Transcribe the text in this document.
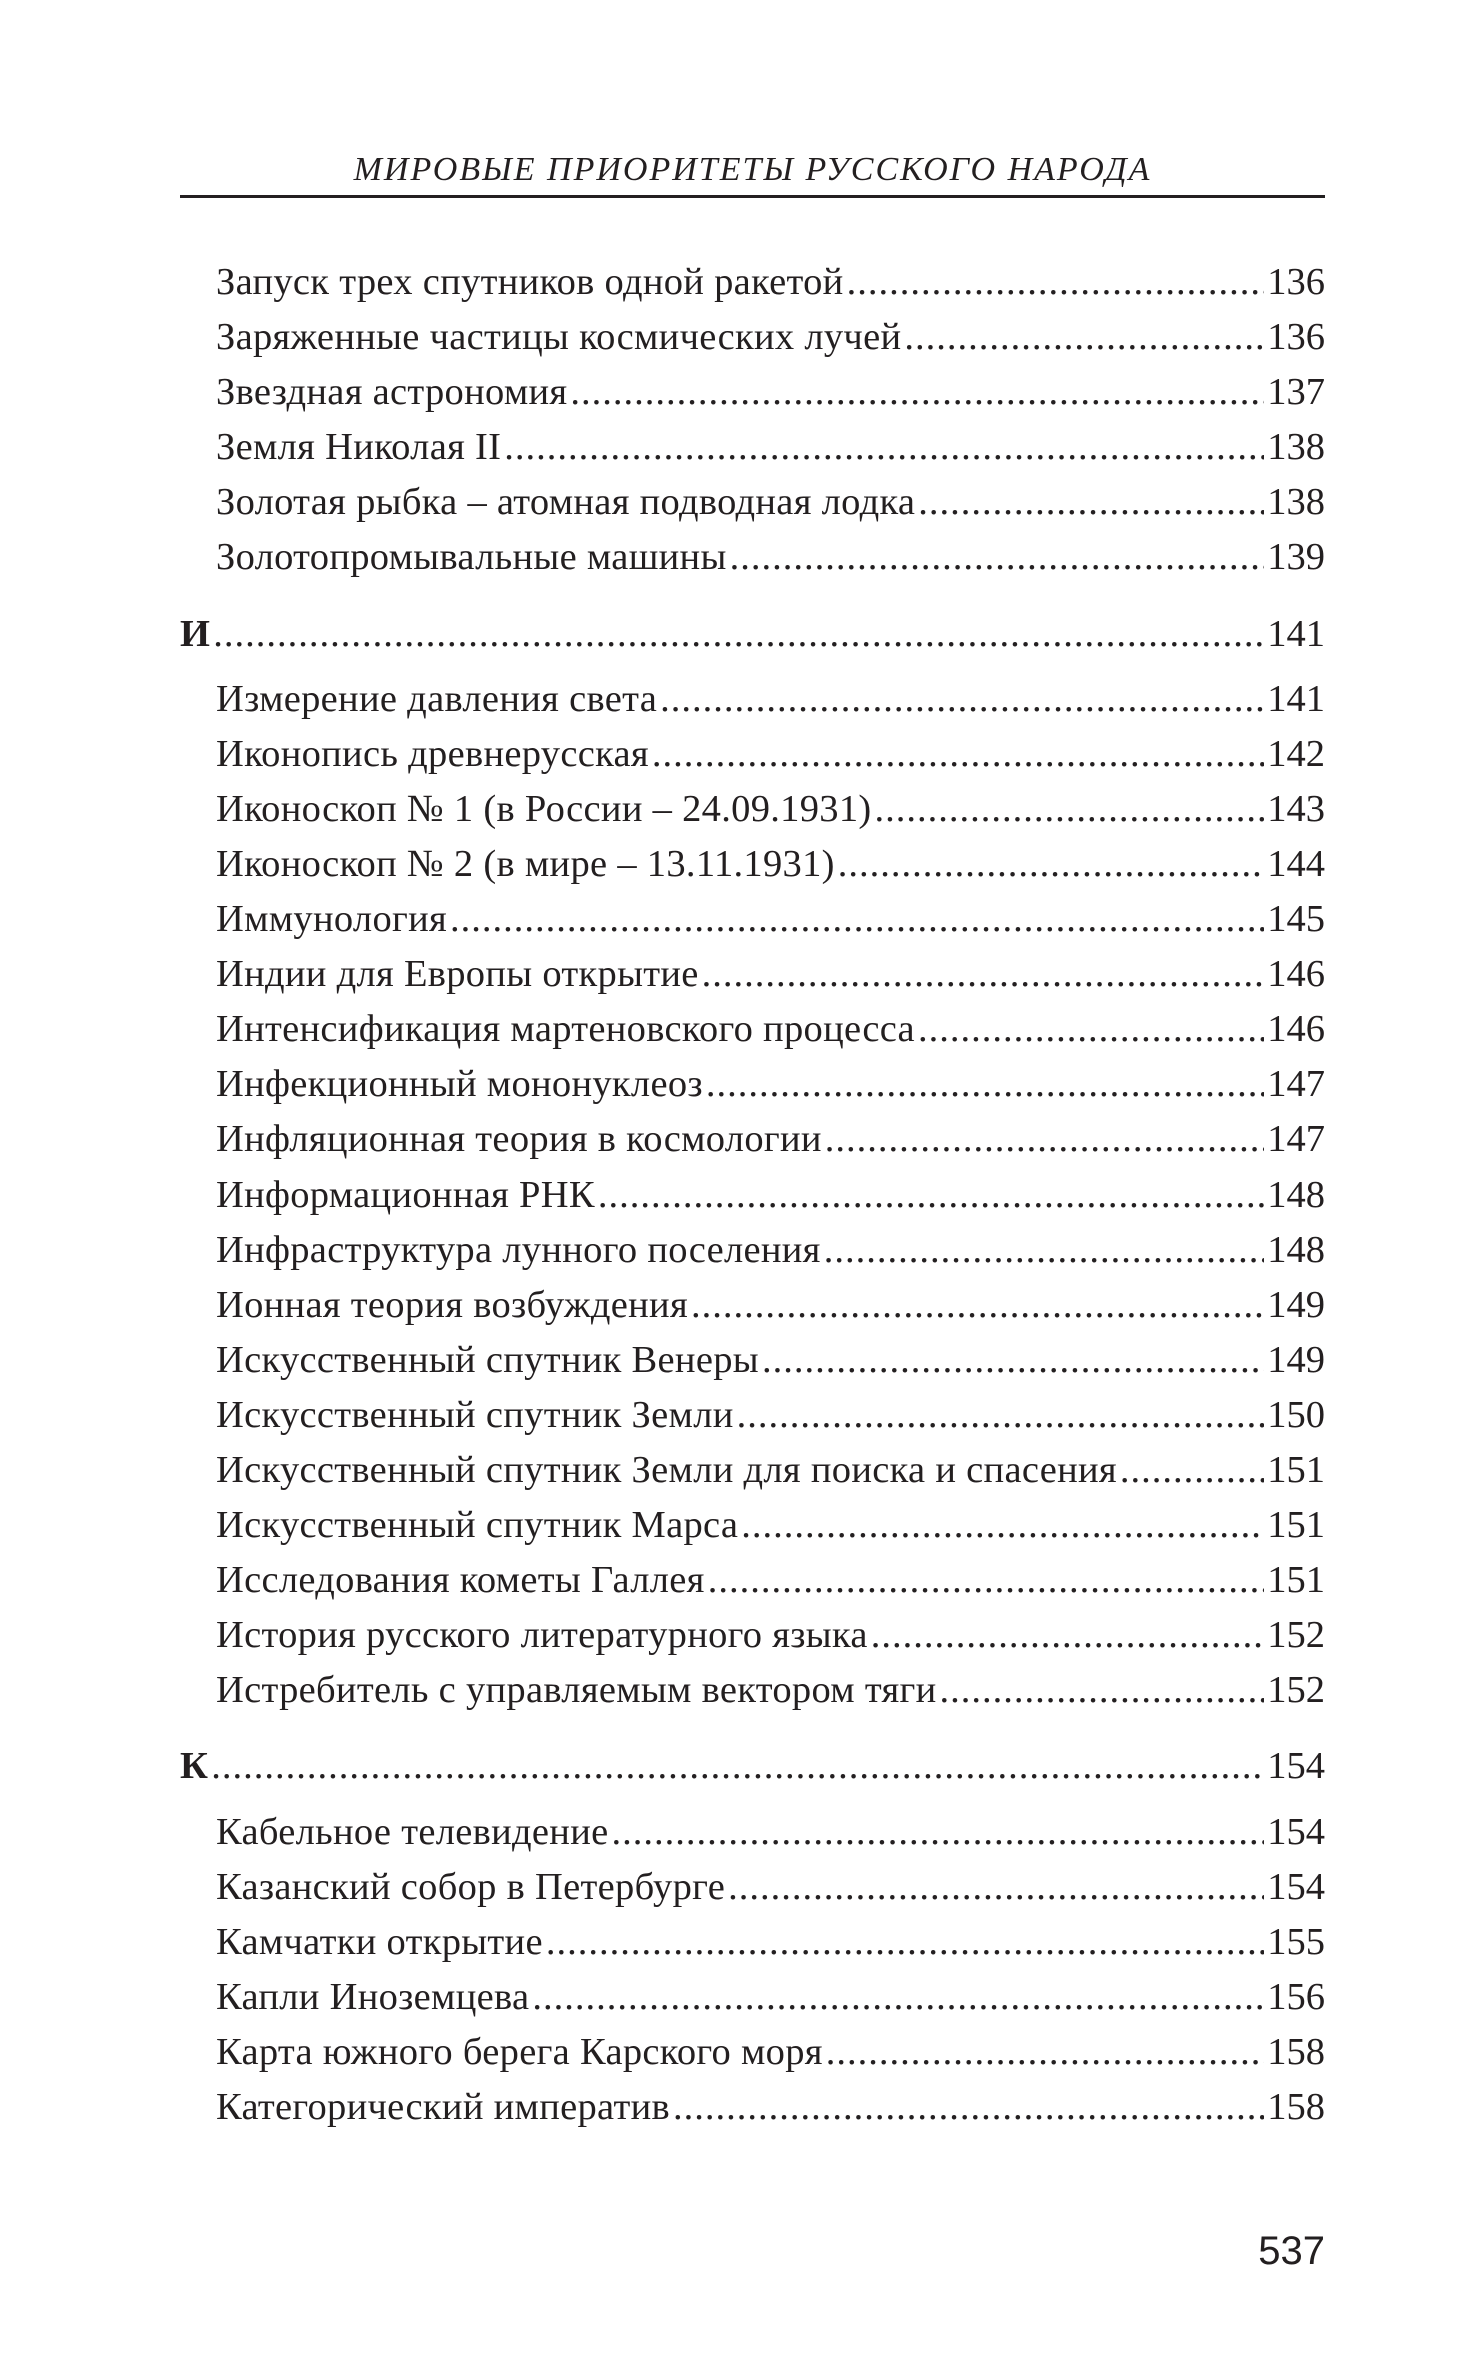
МИРОВЫЕ ПРИОРИТЕТЫ РУССКОГО НАРОДА
Запуск трех спутников одной ракетой .....	136
Заряженные частицы космических лучей .....	136
Звездная астрономия .....	137
Земля Николая II .....	138
Золотая рыбка – атомная подводная лодка .....	138
Золотопромывальные машины .....	139
И .....	141
Измерение давления света .....	141
Иконопись древнерусская .....	142
Иконоскоп № 1 (в России – 24.09.1931) .....	143
Иконоскоп № 2 (в мире – 13.11.1931) .....	144
Иммунология .....	145
Индии для Европы открытие .....	146
Интенсификация мартеновского процесса .....	146
Инфекционный мононуклеоз .....	147
Инфляционная теория в космологии .....	147
Информационная РНК .....	148
Инфраструктура лунного поселения .....	148
Ионная теория возбуждения .....	149
Искусственный спутник Венеры .....	149
Искусственный спутник Земли .....	150
Искусственный спутник Земли для поиска и спасения .....	151
Искусственный спутник Марса .....	151
Исследования кометы Галлея .....	151
История русского литературного языка .....	152
Истребитель с управляемым вектором тяги .....	152
К .....	154
Кабельное телевидение .....	154
Казанский собор в Петербурге .....	154
Камчатки открытие .....	155
Капли Иноземцева .....	156
Карта южного берега Карского моря .....	158
Категорический императив .....	158
537
